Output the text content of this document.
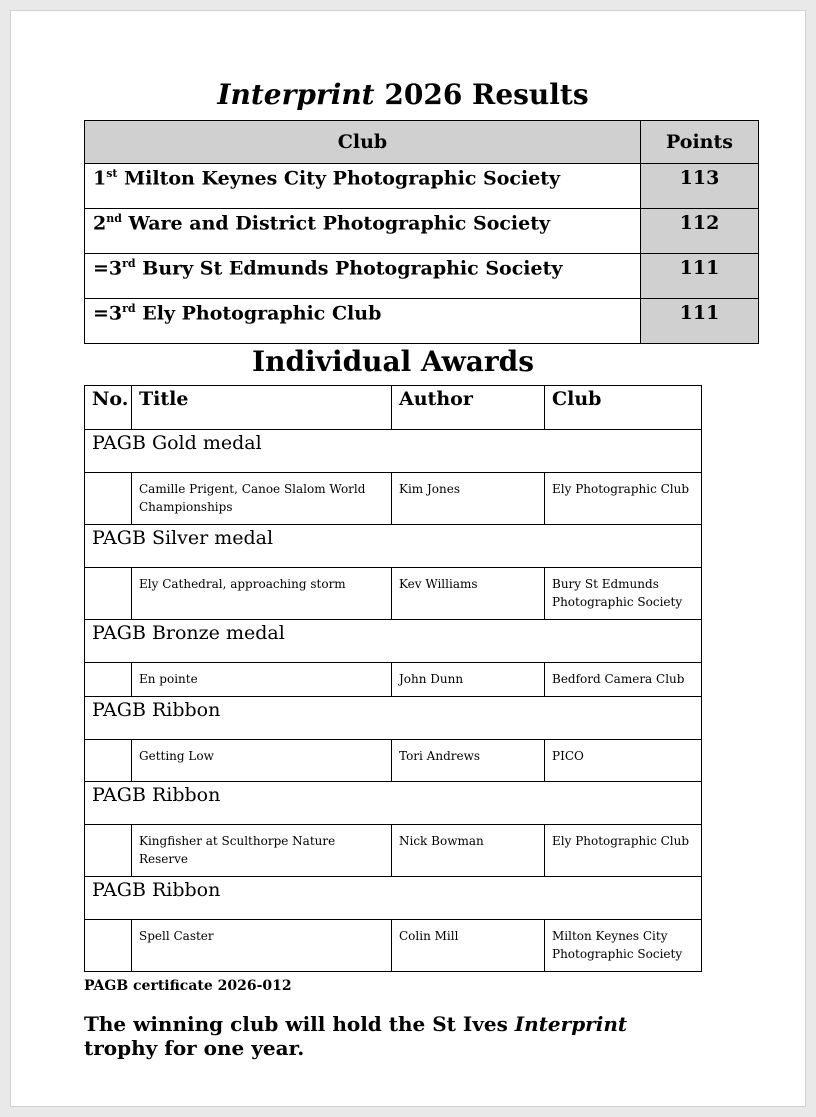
Interprint 2026 Results
Club	Points
1st Milton Keynes City Photographic Society	113
2nd Ware and District Photographic Society	112
=3rd Bury St Edmunds Photographic Society	111
=3rd Ely Photographic Club	111
Individual Awards
No.	Title	Author	Club
PAGB Gold medal			
	Camille Prigent, Canoe Slalom World Championships	Kim Jones	Ely Photographic Club
PAGB Silver medal			
	Ely Cathedral, approaching storm	Kev Williams	Bury St Edmunds Photographic Society
PAGB Bronze medal			
	En pointe	John Dunn	Bedford Camera Club
PAGB Ribbon			
	Getting Low	Tori Andrews	PICO
PAGB Ribbon			
	Kingfisher at Sculthorpe Nature Reserve	Nick Bowman	Ely Photographic Club
PAGB Ribbon			
	Spell Caster	Colin Mill	Milton Keynes City Photographic Society

PAGB certificate 2026-012

The winning club will hold the St Ives Interprint trophy for one year.
